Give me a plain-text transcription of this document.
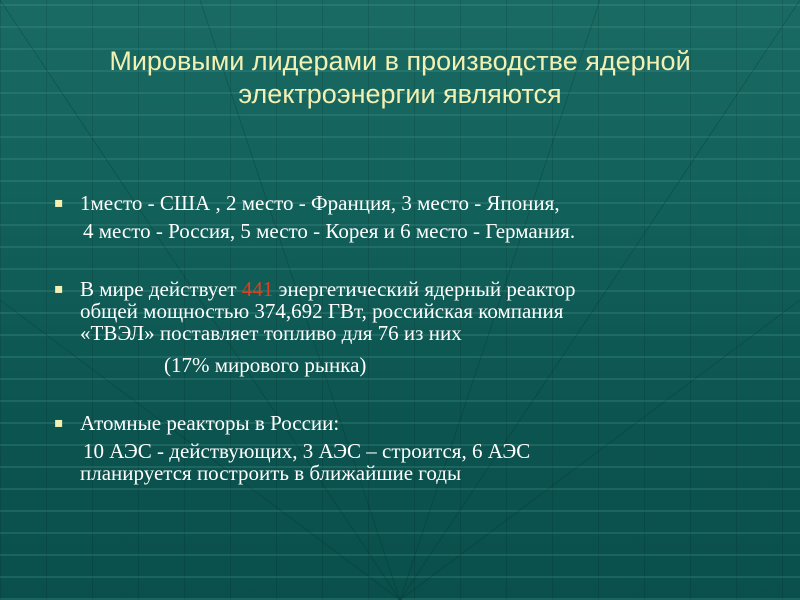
Мировыми лидерами в производстве ядерной
электроэнергии являются
▪ 1место - США , 2 место - Франция, 3 место - Япония,
4 место - Россия, 5 место - Корея и 6 место - Германия.
▪ В мире действует 441 энергетический ядерный реактор
общей мощностью 374,692 ГВт, российская компания
«ТВЭЛ» поставляет топливо для 76 из них
(17% мирового рынка)
▪ Атомные реакторы в России:
10 АЭС - действующих, 3 АЭС – строится, 6 АЭС
планируется построить в ближайшие годы
